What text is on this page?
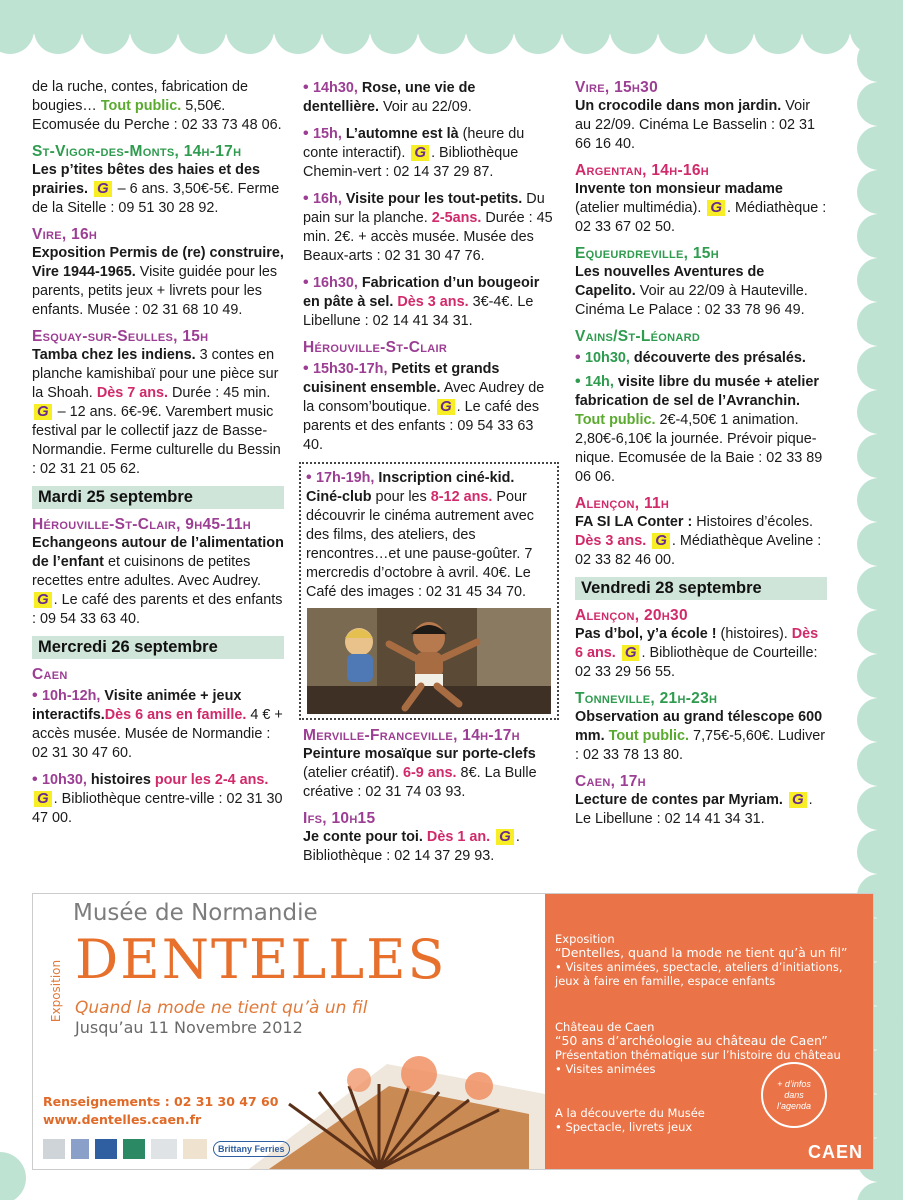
de la ruche, contes, fabrication de bougies… Tout public. 5,50€. Ecomusée du Perche : 02 33 73 48 06.

St-Vigor-des-Monts, 14h-17h
Les p’tites bêtes des haies et des prairies. G – 6 ans. 3,50€-5€. Ferme de la Sitelle : 09 51 30 28 92.

Vire, 16h
Exposition Permis de (re) construire, Vire 1944-1965. Visite guidée pour les parents, petits jeux + livrets pour les enfants. Musée : 02 31 68 10 49.

Esquay-sur-Seulles, 15h
Tamba chez les indiens. 3 contes en planche kamishibaï pour une pièce sur la Shoah. Dès 7 ans. Durée : 45 min. G – 12 ans. 6€-9€. Varembert music festival par le collectif jazz de Basse-Normandie. Ferme culturelle du Bessin : 02 31 21 05 62.

Mardi 25 septembre

Hérouville-St-Clair, 9h45-11h
Echangeons autour de l’alimentation de l’enfant et cuisinons de petites recettes entre adultes. Avec Audrey. G . Le café des parents et des enfants : 09 54 33 63 40.

Mercredi 26 septembre

Caen

• 10h-12h, Visite animée + jeux interactifs.Dès 6 ans en famille. 4 € + accès musée. Musée de Normandie : 02 31 30 47 60.

• 10h30, histoires pour les 2-4 ans. G . Bibliothèque centre-ville : 02 31 30 47 00.

• 14h30, Rose, une vie de dentellière. Voir au 22/09.

• 15h, L’automne est là (heure du conte interactif). G . Bibliothèque Chemin-vert : 02 14 37 29 87.

• 16h, Visite pour les tout-petits. Du pain sur la planche. 2-5ans. Durée : 45 min. 2€. + accès musée. Musée des Beaux-arts : 02 31 30 47 76.

• 16h30, Fabrication d’un bougeoir en pâte à sel. Dès 3 ans. 3€-4€. Le Libellune : 02 14 41 34 31.

Hérouville-St-Clair

• 15h30-17h, Petits et grands cuisinent ensemble. Avec Audrey de la consom’boutique. G . Le café des parents et des enfants : 09 54 33 63 40.

• 17h-19h, Inscription ciné-kid. Ciné-club pour les 8-12 ans. Pour découvrir le cinéma autrement avec des films, des ateliers, des rencontres…et une pause-goûter. 7 mercredis d’octobre à avril. 40€. Le Café des images : 02 31 45 34 70.

Merville-Franceville, 14h-17h
Peinture mosaïque sur porte-clefs (atelier créatif). 6-9 ans. 8€. La Bulle créative : 02 31 74 03 93.

Ifs, 10h15
Je conte pour toi. Dès 1 an. G . Bibliothèque : 02 14 37 29 93.

Vire, 15h30
Un crocodile dans mon jardin. Voir au 22/09. Cinéma Le Basselin : 02 31 66 16 40.

Argentan, 14h-16h
Invente ton monsieur madame (atelier multimédia). G . Médiathèque : 02 33 67 02 50.

Equeurdreville, 15h
Les nouvelles Aventures de Capelito. Voir au 22/09 à Hauteville. Cinéma Le Palace : 02 33 78 96 49.

Vains/St-Léonard

• 10h30, découverte des présalés.

• 14h, visite libre du musée + atelier fabrication de sel de l’Avranchin. Tout public. 2€-4,50€ 1 animation. 2,80€-6,10€ la journée. Prévoir pique-nique. Ecomusée de la Baie : 02 33 89 06 06.

Alençon, 11h
FA SI LA Conter : Histoires d’écoles. Dès 3 ans. G . Médiathèque Aveline : 02 33 82 46 00.

Vendredi 28 septembre

Alençon, 20h30
Pas d’bol, y’a école ! (histoires). Dès 6 ans. G . Bibliothèque de Courteille: 02 33 29 56 55.

Tonneville, 21h-23h
Observation au grand télescope 600 mm. Tout public. 7,75€-5,60€. Ludiver : 02 33 78 13 80.

Caen, 17h
Lecture de contes par Myriam. G . Le Libellune : 02 14 41 34 31.

Musée de Normandie
Exposition DENTELLES
Quand la mode ne tient qu’à un fil
Jusqu’au 11 Novembre 2012
Renseignements : 02 31 30 47 60
www.dentelles.caen.fr
Brittany Ferries
Exposition
“Dentelles, quand la mode ne tient qu’à un fil”
• Visites animées, spectacle, ateliers d’initiations, jeux à faire en famille, espace enfants
Château de Caen
“50 ans d’archéologie au château de Caen”
Présentation thématique sur l’histoire du château
• Visites animées
A la découverte du Musée
• Spectacle, livrets jeux
+ d’infos dans l’agenda
CAEN
